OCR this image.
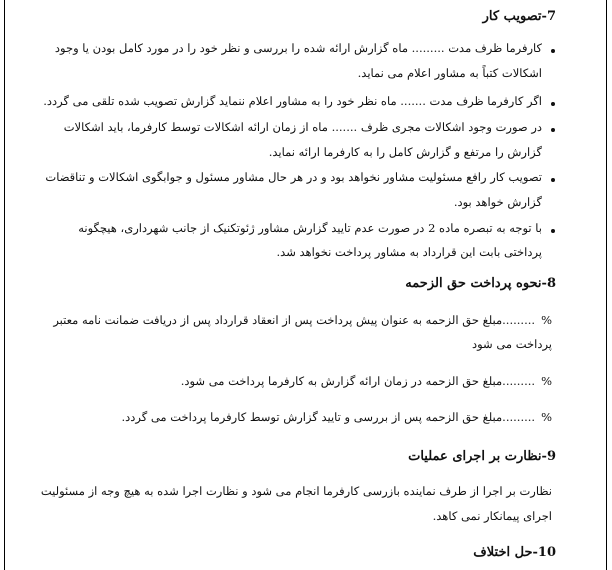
7-تصویب کار
کارفرما ظرف مدت ......... ماه گزارش ارائه شده را بررسی و نظر خود را در مورد کامل بودن یا وجود
اشکالات کتباً به مشاور اعلام می نماید.
اگر کارفرما ظرف مدت ....... ماه نظر خود را به مشاور اعلام ننماید گزارش تصویب شده تلقی می گردد.
در صورت وجود اشکالات مجری ظرف ....... ماه از زمان ارائه اشکالات توسط کارفرما، باید اشکالات
گزارش را مرتفع و گزارش کامل را به کارفرما ارائه نماید.
تصویب کار رافع مسئولیت مشاور نخواهد بود و در هر حال مشاور مسئول و جوابگوی اشکالات و تناقضات
گزارش خواهد بود.
با توجه به تبصره ماده 2 در صورت عدم تایید گزارش مشاور ژئوتکنیک از جانب شهرداری، هیچگونه
پرداختی بابت این قرارداد به مشاور پرداخت نخواهد شد.
8-نحوه پرداخت حق الزحمه
%.........مبلغ حق الزحمه به عنوان پیش پرداخت پس از انعقاد قرارداد پس از دریافت ضمانت نامه معتبر
پرداخت می شود
%.........مبلغ حق الزحمه در زمان ارائه گزارش به کارفرما پرداخت می شود.
%.........مبلغ حق الزحمه پس از بررسی و تایید گزارش توسط کارفرما پرداخت می گردد.
9-نظارت بر اجرای عملیات
نظارت بر اجرا از طرف نماینده بازرسی کارفرما انجام می شود و نظارت اجرا شده به هیچ وجه از مسئولیت
اجرای پیمانکار نمی کاهد.
10-حل اختلاف
